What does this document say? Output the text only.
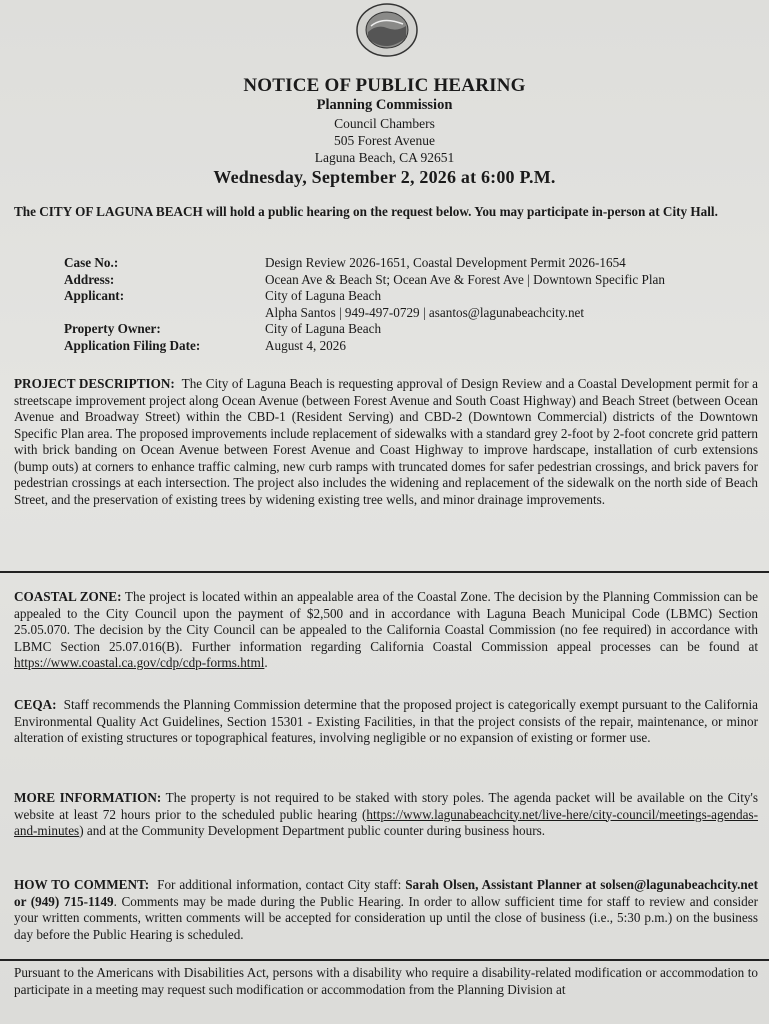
NOTICE OF PUBLIC HEARING
Planning Commission
Council Chambers
505 Forest Avenue
Laguna Beach, CA 92651
Wednesday, September 2, 2026 at 6:00 P.M.
The CITY OF LAGUNA BEACH will hold a public hearing on the request below. You may participate in-person at City Hall.
Case No.:	Design Review 2026-1651, Coastal Development Permit 2026-1654
Address:	Ocean Ave & Beach St; Ocean Ave & Forest Ave | Downtown Specific Plan
Applicant:	City of Laguna Beach
Alpha Santos | 949-497-0729 | asantos@lagunabeachcity.net
Property Owner:	City of Laguna Beach
Application Filing Date:	August 4, 2026
PROJECT DESCRIPTION: The City of Laguna Beach is requesting approval of Design Review and a Coastal Development permit for a streetscape improvement project along Ocean Avenue (between Forest Avenue and South Coast Highway) and Beach Street (between Ocean Avenue and Broadway Street) within the CBD-1 (Resident Serving) and CBD-2 (Downtown Commercial) districts of the Downtown Specific Plan area. The proposed improvements include replacement of sidewalks with a standard grey 2-foot by 2-foot concrete grid pattern with brick banding on Ocean Avenue between Forest Avenue and Coast Highway to improve hardscape, installation of curb extensions (bump outs) at corners to enhance traffic calming, new curb ramps with truncated domes for safer pedestrian crossings, and brick pavers for pedestrian crossings at each intersection. The project also includes the widening and replacement of the sidewalk on the north side of Beach Street, and the preservation of existing trees by widening existing tree wells, and minor drainage improvements.
COASTAL ZONE: The project is located within an appealable area of the Coastal Zone. The decision by the Planning Commission can be appealed to the City Council upon the payment of $2,500 and in accordance with Laguna Beach Municipal Code (LBMC) Section 25.05.070. The decision by the City Council can be appealed to the California Coastal Commission (no fee required) in accordance with LBMC Section 25.07.016(B). Further information regarding California Coastal Commission appeal processes can be found at https://www.coastal.ca.gov/cdp/cdp-forms.html.
CEQA: Staff recommends the Planning Commission determine that the proposed project is categorically exempt pursuant to the California Environmental Quality Act Guidelines, Section 15301 - Existing Facilities, in that the project consists of the repair, maintenance, or minor alteration of existing structures or topographical features, involving negligible or no expansion of existing or former use.
MORE INFORMATION: The property is not required to be staked with story poles. The agenda packet will be available on the City's website at least 72 hours prior to the scheduled public hearing (https://www.lagunabeachcity.net/live-here/city-council/meetings-agendas-and-minutes) and at the Community Development Department public counter during business hours.
HOW TO COMMENT: For additional information, contact City staff: Sarah Olsen, Assistant Planner at solsen@lagunabeachcity.net or (949) 715-1149. Comments may be made during the Public Hearing. In order to allow sufficient time for staff to review and consider your written comments, written comments will be accepted for consideration up until the close of business (i.e., 5:30 p.m.) on the business day before the Public Hearing is scheduled.
Pursuant to the Americans with Disabilities Act, persons with a disability who require a disability-related modification or accommodation to participate in a meeting may request such modification or accommodation from the Planning Division at
